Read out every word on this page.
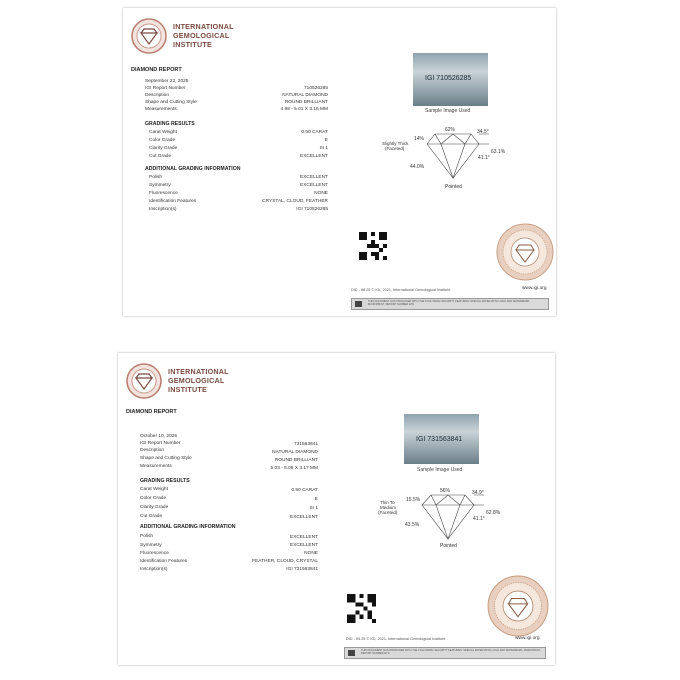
INTERNATIONAL
GEMOLOGICAL
INSTITUTE
DIAMOND REPORT
September 22, 2025
IGI Report Number	710526285
Description	NATURAL DIAMOND
Shape and Cutting Style	ROUND BRILLIANT
Measurements	4.98 - 5.01 X 3.16 MM
GRADING RESULTS
Carat Weight	0.50 CARAT
Color Grade	E
Clarity Grade	SI 1
Cut Grade	EXCELLENT
ADDITIONAL GRADING INFORMATION
Polish	EXCELLENT
Symmetry	EXCELLENT
Fluorescence	NONE
Identification Features	CRYSTAL, CLOUD, FEATHER
Inscription(s)	IGI 710526285
IGI 710526285
Sample Image Used
62%	34.5°
41.1°
14%
44.0%
63.1%
Slightly Thick
(Faceted)
Pointed
DID - 88.25 © IGI, 2021, International Gemological Institute	www.igi.org
THIS DOCUMENT HAS PRODUCED WITH THE FOLLOWING SECURITY FEATURES: SPECIAL PAPER WITH LOGO AND WATERMARK, MICROPRINT, REPORT NUMBER ETC.
INTERNATIONAL
GEMOLOGICAL
INSTITUTE
DIAMOND REPORT
October 10, 2025
IGI Report Number	731563841
Description	NATURAL DIAMOND
Shape and Cutting Style	ROUND BRILLIANT
Measurements	5.03 - 5.08 X 3.17 MM
GRADING RESULTS
Carat Weight	0.50 CARAT
Color Grade	E
Clarity Grade	SI 1
Cut Grade	EXCELLENT
ADDITIONAL GRADING INFORMATION
Polish	EXCELLENT
Symmetry	EXCELLENT
Fluorescence	NONE
Identification Features	FEATHER, CLOUD, CRYSTAL
Inscription(s)	IGI 731563841
IGI 731563841
Sample Image Used
56%	34.9°
41.1°
15.5%
43.5%
62.8%
Thin To
Medium
(Faceted)
Pointed
DID - 05.25 © IGI, 2021, International Gemological Institute	www.igi.org
THIS DOCUMENT HAS PRODUCED WITH THE FOLLOWING SECURITY FEATURES: SPECIAL PAPER WITH LOGO AND WATERMARK, MICROPRINT, REPORT NUMBER ETC.
